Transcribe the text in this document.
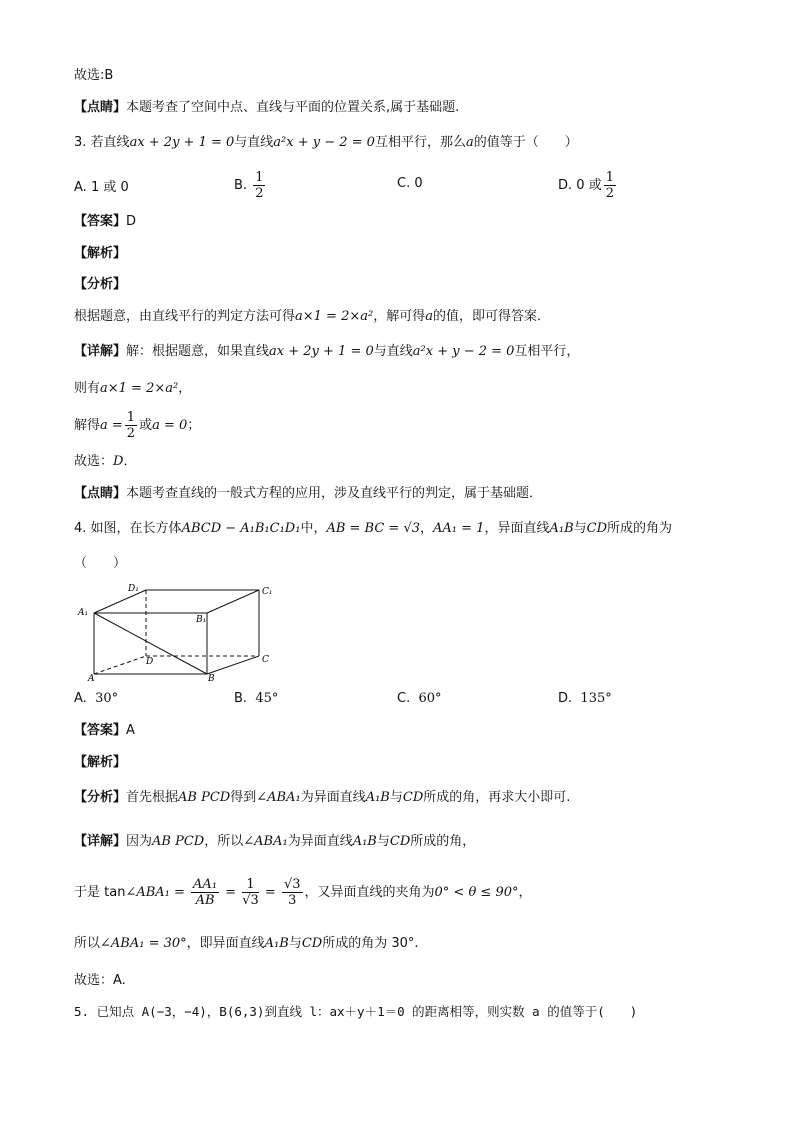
故选:B
【点睛】本题考查了空间中点、直线与平面的位置关系,属于基础题.
3. 若直线ax + 2y + 1 = 0与直线a²x + y − 2 = 0互相平行，那么a的值等于（　　）
A. 1 或 0	B. $\frac{1}{2}$	C. 0	D. 0 或 $\frac{1}{2}$
【答案】D
【解析】
【分析】
根据题意，由直线平行的判定方法可得a×1 = 2×a²，解可得a的值，即可得答案．
【详解】解：根据题意，如果直线ax + 2y + 1 = 0与直线a²x + y − 2 = 0互相平行，
则有a×1 = 2×a²，
解得$a = \frac{1}{2}$ 或a = 0；
故选：D．
【点睛】本题考查直线的一般式方程的应用，涉及直线平行的判定，属于基础题．
4. 如图，在长方体ABCD − A₁B₁C₁D₁中，AB = BC = √3，AA₁ = 1，异面直线A₁B与CD所成的角为
（　　）
D₁	C₁
A₁
B₁
D	C
A	B
A. 30°	B. 45°	C. 60°	D. 135°
【答案】A
【解析】
【分析】首先根据AB PCD得到∠ABA₁为异面直线A₁B与CD所成的角，再求大小即可.
【详解】因为AB PCD，所以∠ABA₁为异面直线A₁B与CD所成的角，
于是 tan∠ABA₁ = $\frac{\text{AA₁}}{AB} = \frac{1}{√3} = \frac{√3}{3}$ ，又异面直线的夹角为0° < θ ≤ 90°，
所以∠ABA₁ = 30°，即异面直线A₁B与CD所成的角为 30°.
故选：A.
5. 已知点 A(−3，−4)，B(6,3)到直线 l：ax＋y＋1＝0 的距离相等，则实数 a 的值等于(　　)
